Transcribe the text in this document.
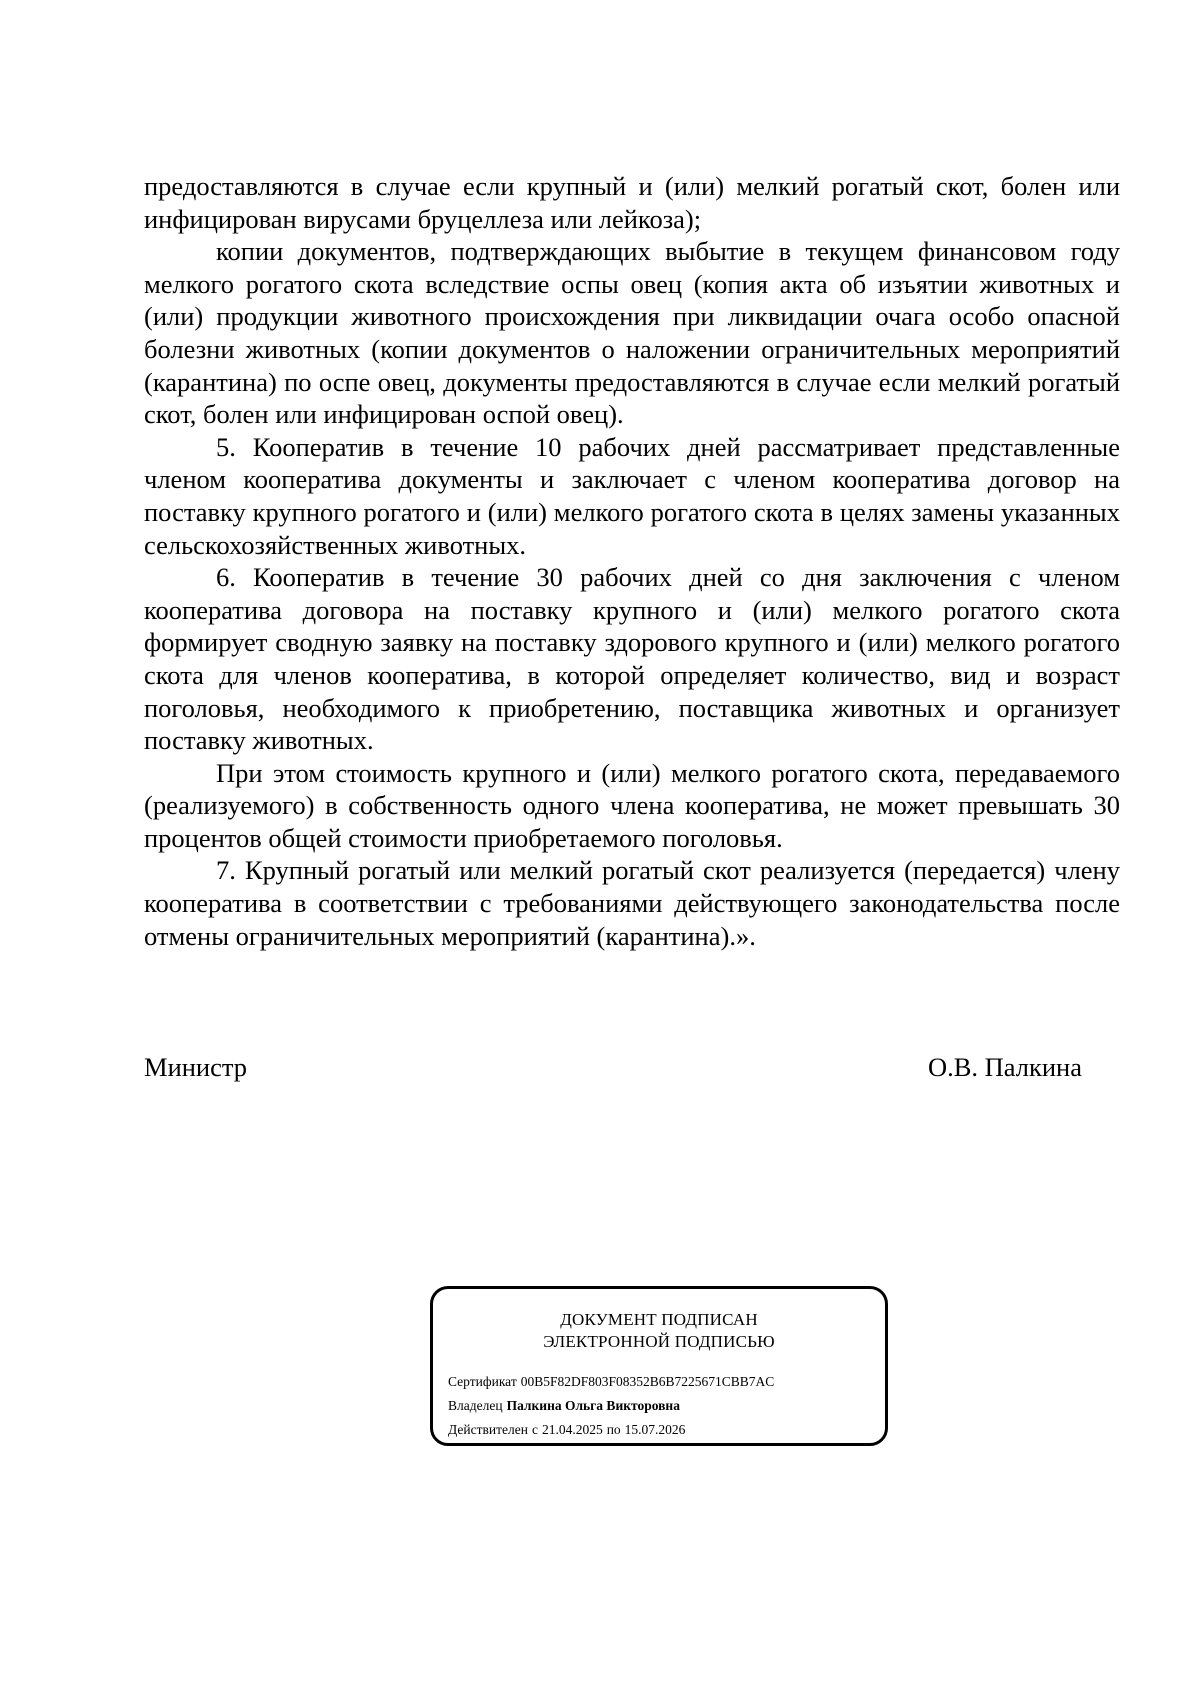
предоставляются в случае если крупный и (или) мелкий рогатый скот, болен или инфицирован вирусами бруцеллеза или лейкоза);

копии документов, подтверждающих выбытие в текущем финансовом году мелкого рогатого скота вследствие оспы овец (копия акта об изъятии животных и (или) продукции животного происхождения при ликвидации очага особо опасной болезни животных (копии документов о наложении ограничительных мероприятий (карантина) по оспе овец, документы предоставляются в случае если мелкий рогатый скот, болен или инфицирован оспой овец).

5. Кооператив в течение 10 рабочих дней рассматривает представленные членом кооператива документы и заключает с членом кооператива договор на поставку крупного рогатого и (или) мелкого рогатого скота в целях замены указанных сельскохозяйственных животных.

6. Кооператив в течение 30 рабочих дней со дня заключения с членом кооператива договора на поставку крупного и (или) мелкого рогатого скота формирует сводную заявку на поставку здорового крупного и (или) мелкого рогатого скота для членов кооператива, в которой определяет количество, вид и возраст поголовья, необходимого к приобретению, поставщика животных и организует поставку животных.

При этом стоимость крупного и (или) мелкого рогатого скота, передаваемого (реализуемого) в собственность одного члена кооператива, не может превышать 30 процентов общей стоимости приобретаемого поголовья.

7. Крупный рогатый или мелкий рогатый скот реализуется (передается) члену кооператива в соответствии с требованиями действующего законодательства после отмены ограничительных мероприятий (карантина).».

Министр	О.В. Палкина
ДОКУМЕНТ ПОДПИСАН
ЭЛЕКТРОННОЙ ПОДПИСЬЮ
Сертификат 00B5F82DF803F08352B6B7225671CBB7AC
Владелец Палкина Ольга Викторовна
Действителен с 21.04.2025 по 15.07.2026
